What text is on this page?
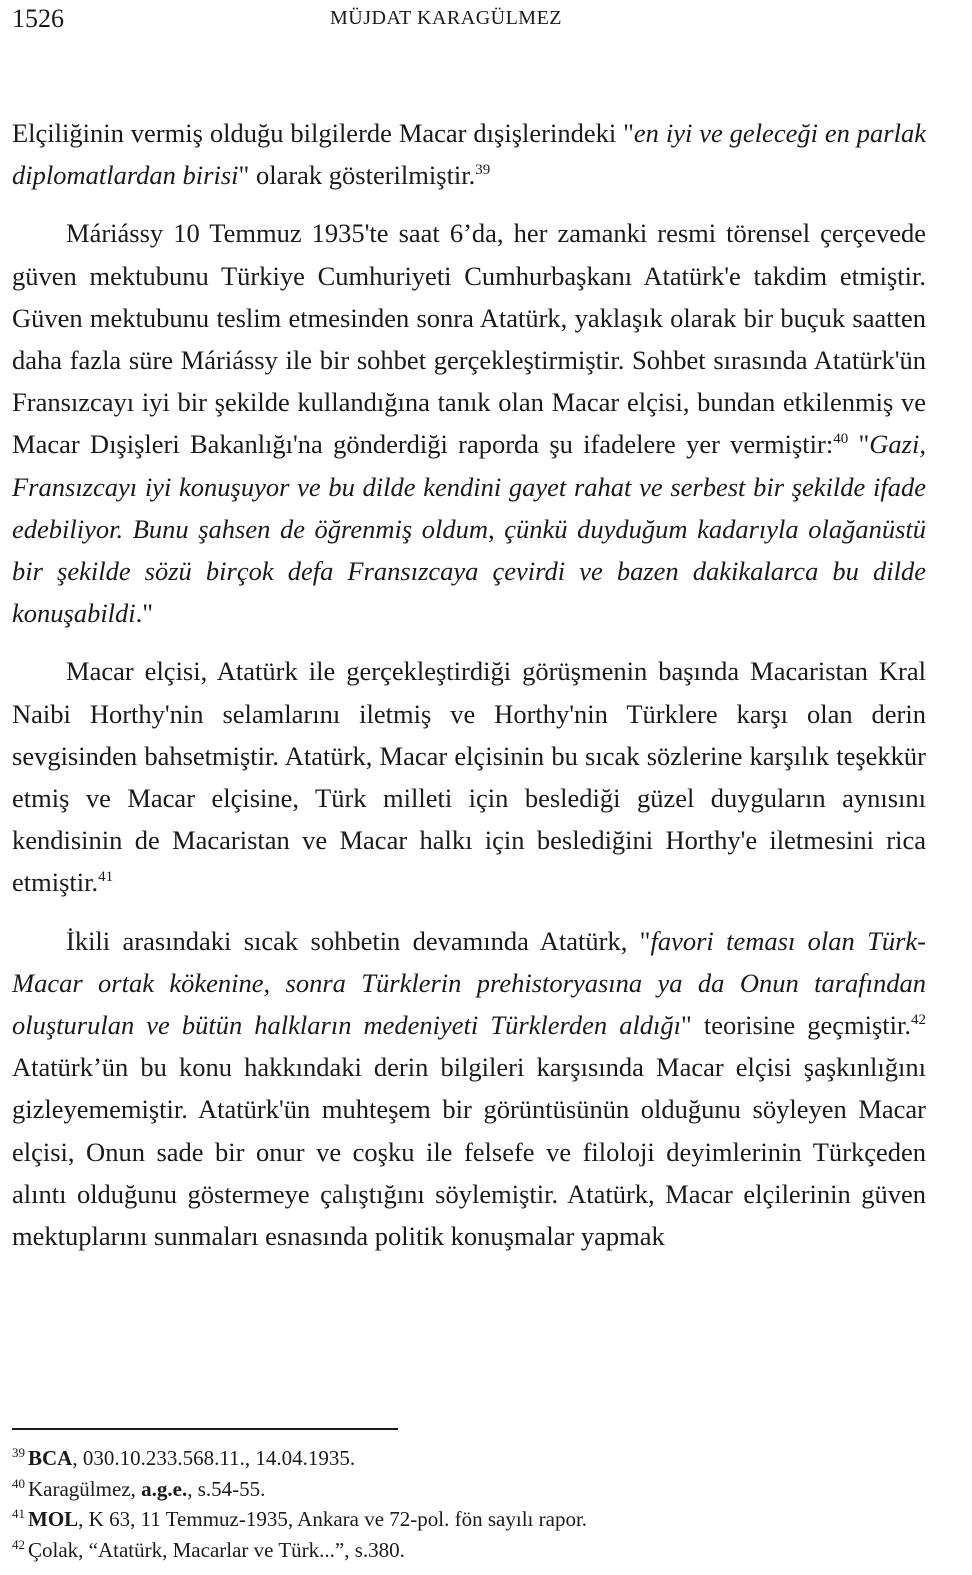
1526	MÜJDAT KARAGÜLMEZ

Elçiliğinin vermiş olduğu bilgilerde Macar dışişlerindeki "en iyi ve geleceği en parlak diplomatlardan birisi" olarak gösterilmiştir.$^{39}$

Máriássy 10 Temmuz 1935'te saat 6’da, her zamanki resmi törensel çerçevede güven mektubunu Türkiye Cumhuriyeti Cumhurbaşkanı Atatürk'e takdim etmiştir. Güven mektubunu teslim etmesinden sonra Atatürk, yaklaşık olarak bir buçuk saatten daha fazla süre Máriássy ile bir sohbet gerçekleştirmiştir. Sohbet sırasında Atatürk'ün Fransızcayı iyi bir şekilde kullandığına tanık olan Macar elçisi, bundan etkilenmiş ve Macar Dışişleri Bakanlığı'na gönderdiği raporda şu ifadelere yer vermiştir:$^{40}$ "Gazi, Fransızcayı iyi konuşuyor ve bu dilde kendini gayet rahat ve serbest bir şekilde ifade edebiliyor. Bunu şahsen de öğrenmiş oldum, çünkü duyduğum kadarıyla olağanüstü bir şekilde sözü birçok defa Fransızcaya çevirdi ve bazen dakikalarca bu dilde konuşabildi."

Macar elçisi, Atatürk ile gerçekleştirdiği görüşmenin başında Macaristan Kral Naibi Horthy'nin selamlarını iletmiş ve Horthy'nin Türklere karşı olan derin sevgisinden bahsetmiştir. Atatürk, Macar elçisinin bu sıcak sözlerine karşılık teşekkür etmiş ve Macar elçisine, Türk milleti için beslediği güzel duyguların aynısını kendisinin de Macaristan ve Macar halkı için beslediğini Horthy'e iletmesini rica etmiştir.$^{41}$

İkili arasındaki sıcak sohbetin devamında Atatürk, "favori teması olan Türk-Macar ortak kökenine, sonra Türklerin prehistoryasına ya da Onun tarafından oluşturulan ve bütün halkların medeniyeti Türklerden aldığı" teorisine geçmiştir.$^{42}$ Atatürk’ün bu konu hakkındaki derin bilgileri karşısında Macar elçisi şaşkınlığını gizleyememiştir. Atatürk'ün muhteşem bir görüntüsünün olduğunu söyleyen Macar elçisi, Onun sade bir onur ve coşku ile felsefe ve filoloji deyimlerinin Türkçeden alıntı olduğunu göstermeye çalıştığını söylemiştir. Atatürk, Macar elçilerinin güven mektuplarını sunmaları esnasında politik konuşmalar yapmak

$^{39}$ BCA, 030.10.233.568.11., 14.04.1935.
$^{40}$ Karagülmez, a.g.e., s.54-55.
$^{41}$ MOL, K 63, 11 Temmuz-1935, Ankara ve 72-pol. fön sayılı rapor.
$^{42}$ Çolak, “Atatürk, Macarlar ve Türk...”, s.380.
